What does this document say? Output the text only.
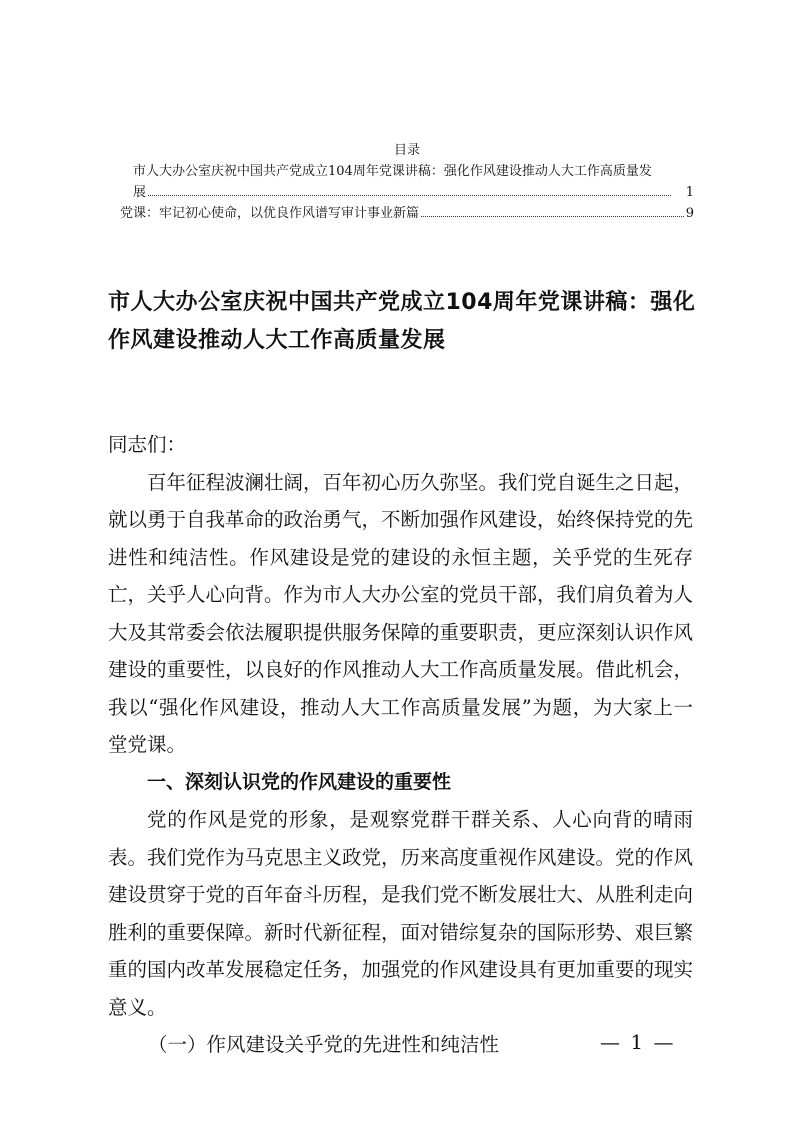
目录
市人大办公室庆祝中国共产党成立104周年党课讲稿：强化作风建设推动人大工作高质量发
展	1
党课：牢记初心使命，以优良作风谱写审计事业新篇	9
市人大办公室庆祝中国共产党成立104周年党课讲稿：强化作风建设推动人大工作高质量发展

同志们：

百年征程波澜壮阔，百年初心历久弥坚。我们党自诞生之日起，就以勇于自我革命的政治勇气，不断加强作风建设，始终保持党的先进性和纯洁性。作风建设是党的建设的永恒主题，关乎党的生死存亡，关乎人心向背。作为市人大办公室的党员干部，我们肩负着为人大及其常委会依法履职提供服务保障的重要职责，更应深刻认识作风建设的重要性，以良好的作风推动人大工作高质量发展。借此机会，我以“强化作风建设，推动人大工作高质量发展”为题，为大家上一堂党课。

一、深刻认识党的作风建设的重要性

党的作风是党的形象，是观察党群干群关系、人心向背的晴雨表。我们党作为马克思主义政党，历来高度重视作风建设。党的作风建设贯穿于党的百年奋斗历程，是我们党不断发展壮大、从胜利走向胜利的重要保障。新时代新征程，面对错综复杂的国际形势、艰巨繁重的国内改革发展稳定任务，加强党的作风建设具有更加重要的现实意义。

（一）作风建设关乎党的先进性和纯洁性	— 1 —
